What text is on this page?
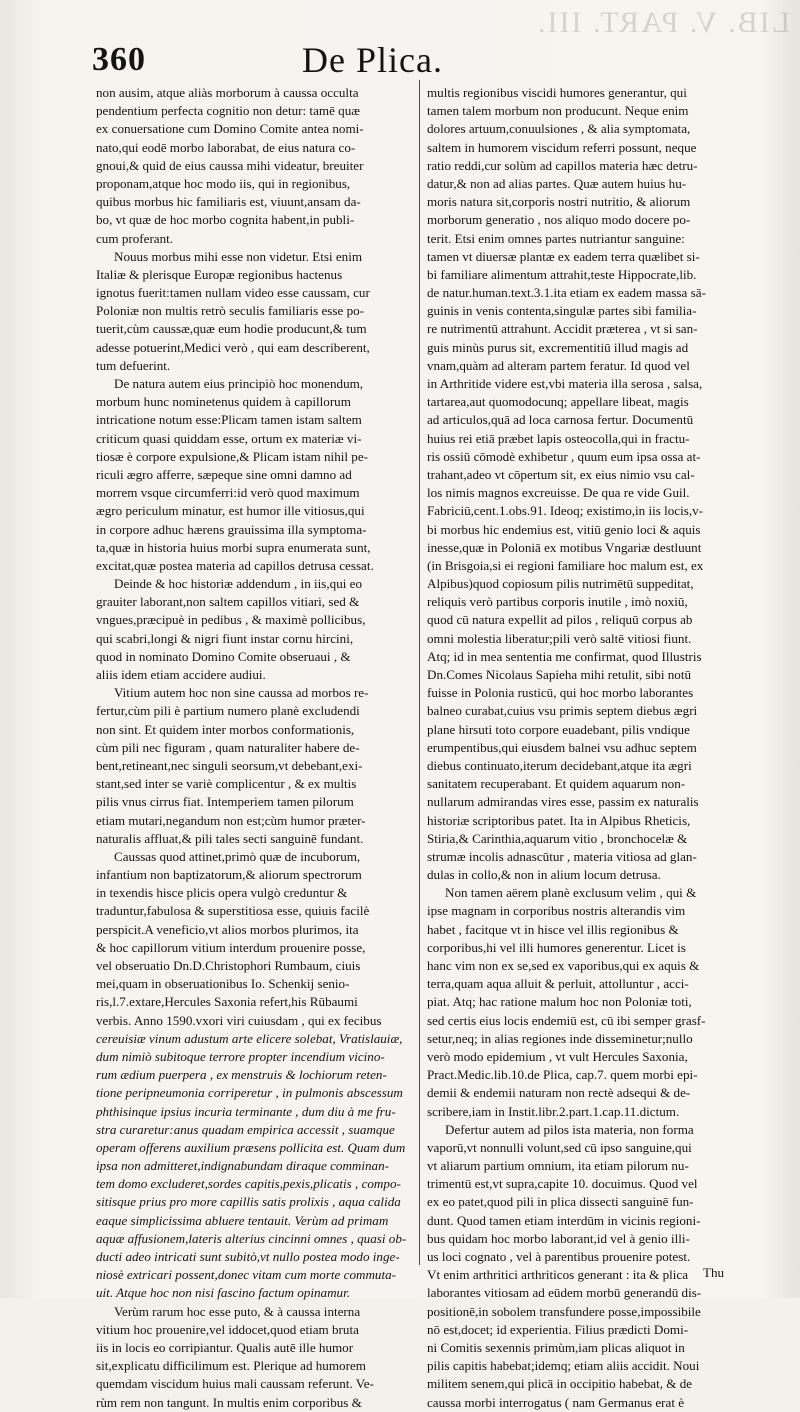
LIB. V. PART. III.
360	De Plica.
non ausim, atque aliàs morborum à caussa occulta
pendentium perfecta cognitio non detur: tamē quæ
ex conuersatione cum Domino Comite antea nomi-
nato,qui eodē morbo laborabat, de eius natura co-
gnoui,& quid de eius caussa mihi videatur, breuiter
proponam,atque hoc modo iis, qui in regionibus,
quibus morbus hic familiaris est, viuunt,ansam da-
bo, vt quæ de hoc morbo cognita habent,in publi-
cum proferant.
Nouus morbus mihi esse non videtur. Etsi enim
Italiæ & plerisque Europæ regionibus hactenus
ignotus fuerit:tamen nullam video esse caussam, cur
Poloniæ non multis retrò seculis familiaris esse po-
tuerit,cùm caussæ,quæ eum hodie producunt,& tum
adesse potuerint,Medici verò , qui eam describerent,
tum defuerint.
De natura autem eius principiò hoc monendum,
morbum hunc nominetenus quidem à capillorum
intricatione notum esse:Plicam tamen istam saltem
criticum quasi quiddam esse, ortum ex materiæ vi-
tiosæ è corpore expulsione,& Plicam istam nihil pe-
riculi ægro afferre, sæpeque sine omni damno ad
morrem vsque circumferri:id verò quod maximum
ægro periculum minatur, est humor ille vitiosus,qui
in corpore adhuc hærens grauissima illa symptoma-
ta,quæ in historia huius morbi supra enumerata sunt,
excitat,quæ postea materia ad capillos detrusa cessat.
Deinde & hoc historiæ addendum , in iis,qui eo
grauiter laborant,non saltem capillos vitiari, sed &
vngues,præcipuè in pedibus , & maximè pollicibus,
qui scabri,longi & nigri fiunt instar cornu hircini,
quod in nominato Domino Comite obseruaui , &
aliis idem etiam accidere audiui.
Vitium autem hoc non sine caussa ad morbos re-
fertur,cùm pili è partium numero planè excludendi
non sint. Et quidem inter morbos conformationis,
cùm pili nec figuram , quam naturaliter habere de-
bent,retineant,nec singuli seorsum,vt debebant,exi-
stant,sed inter se variè complicentur , & ex multis
pilis vnus cirrus fiat. Intemperiem tamen pilorum
etiam mutari,negandum non est;cùm humor præter-
naturalis affluat,& pili tales secti sanguinē fundant.
Caussas quod attinet,primò quæ de incuborum,
infantium non baptizatorum,& aliorum spectrorum
in texendis hisce plicis opera vulgò creduntur &
traduntur,fabulosa & superstitiosa esse, quiuis facilè
perspicit.A veneficio,vt alios morbos plurimos, ita
& hoc capillorum vitium interdum prouenire posse,
vel obseruatio Dn.D.Christophori Rumbaum, ciuis
mei,quam in obseruationibus Io. Schenkij senio-
ris,l.7.extare,Hercules Saxonia refert,his Rūbaumi
verbis. Anno 1590.vxori viri cuiusdam , qui ex fecibus
cereuisiæ vinum adustum arte elicere solebat, Vratislauiæ,
dum nimiò subitoque terrore propter incendium vicino-
rum ædium puerpera , ex menstruis & lochiorum reten-
tione peripneumonia corriperetur , in pulmonis abscessum
phthisinque ipsius incuria terminante , dum diu à me fru-
stra curaretur:anus quadam empirica accessit , suamque
operam offerens auxilium præsens pollicita est. Quam dum
ipsa non admitteret,indignabundam diraque comminan-
tem domo excluderet,sordes capitis,pexis,plicatis , compo-
sitisque prius pro more capillis satis prolixis , aqua calida
eaque simplicissima abluere tentauit. Verùm ad primam
aquæ affusionem,lateris alterius cincinni omnes , quasi ob-
ducti adeo intricati sunt subitò,vt nullo postea modo inge-
niosè extricari possent,donec vitam cum morte commuta-
uit. Atque hoc non nisi fascino factum opinamur.
Verùm rarum hoc esse puto, & à caussa interna
vitium hoc prouenire,vel iddocet,quod etiam bruta
iis in locis eo corripiantur. Qualis autē ille humor
sit,explicatu difficilimum est. Plerique ad humorem
quemdam viscidum huius mali caussam referunt. Ve-
rùm rem non tangunt. In multis enim corporibus &
multis regionibus viscidi humores generantur, qui
tamen talem morbum non producunt. Neque enim
dolores artuum,conuulsiones , & alia symptomata,
saltem in humorem viscidum referri possunt, neque
ratio reddi,cur solùm ad capillos materia hæc detru-
datur,& non ad alias partes. Quæ autem huius hu-
moris natura sit,corporis nostri nutritio, & aliorum
morborum generatio , nos aliquo modo docere po-
terit. Etsi enim omnes partes nutriantur sanguine:
tamen vt diuersæ plantæ ex eadem terra quælibet si-
bi familiare alimentum attrahit,teste Hippocrate,lib.
de natur.human.text.3.1.ita etiam ex eadem massa sā-
guinis in venis contenta,singulæ partes sibi familia-
re nutrimentū attrahunt. Accidit præterea , vt si san-
guis minùs purus sit, excrementitiū illud magis ad
vnam,quàm ad alteram partem feratur. Id quod vel
in Arthritide videre est,vbi materia illa serosa , salsa,
tartarea,aut quomodocunq; appellare libeat, magis
ad articulos,quā ad loca carnosa fertur. Documentū
huius rei etiā præbet lapis osteocolla,qui in fractu-
ris ossiū cōmodè exhibetur , quum eum ipsa ossa at-
trahant,adeo vt cōpertum sit, ex eius nimio vsu cal-
los nimis magnos excreuisse. De qua re vide Guil.
Fabriciū,cent.1.obs.91. Ideoq; existimo,in iis locis,v-
bi morbus hic endemius est, vitiū genio loci & aquis
inesse,quæ in Poloniā ex motibus Vngariæ destluunt
(in Brisgoia,si ei regioni familiare hoc malum est, ex
Alpibus)quod copiosum pilis nutrimētū suppeditat,
reliquis verò partibus corporis inutile , imò noxiū,
quod cū natura expellit ad pilos , reliquū corpus ab
omni molestia liberatur;pili verò saltē vitiosi fiunt.
Atq; id in mea sententia me confirmat, quod Illustris
Dn.Comes Nicolaus Sapieha mihi retulit, sibi notū
fuisse in Polonia rusticū, qui hoc morbo laborantes
balneo curabat,cuius vsu primis septem diebus ægri
plane hirsuti toto corpore euadebant, pilis vndique
erumpentibus,qui eiusdem balnei vsu adhuc septem
diebus continuato,iterum decidebant,atque ita ægri
sanitatem recuperabant. Et quidem aquarum non-
nullarum admirandas vires esse, passim ex naturalis
historiæ scriptoribus patet. Ita in Alpibus Rheticis,
Stiria,& Carinthia,aquarum vitio , bronchocelæ &
strumæ incolis adnascūtur , materia vitiosa ad glan-
dulas in collo,& non in alium locum detrusa.
Non tamen aërem planè exclusum velim , qui &
ipse magnam in corporibus nostris alterandis vim
habet , facitque vt in hisce vel illis regionibus &
corporibus,hi vel illi humores generentur. Licet is
hanc vim non ex se,sed ex vaporibus,qui ex aquis &
terra,quam aqua alluit & perluit, attolluntur , acci-
piat. Atq; hac ratione malum hoc non Poloniæ toti,
sed certis eius locis endemiū est, cū ibi semper grasf-
setur,neq; in alias regiones inde disseminetur;nullo
verò modo epidemium , vt vult Hercules Saxonia,
Pract.Medic.lib.10.de Plica, cap.7. quem morbi epi-
demii & endemii naturam non rectè adsequi & de-
scribere,iam in Instit.libr.2.part.1.cap.11.dictum.
Defertur autem ad pilos ista materia, non forma
vaporū,vt nonnulli volunt,sed cū ipso sanguine,qui
vt aliarum partium omnium, ita etiam pilorum nu-
trimentū est,vt supra,capite 10. docuimus. Quod vel
ex eo patet,quod pili in plica dissecti sanguinē fun-
dunt. Quod tamen etiam interdūm in vicinis regioni-
bus quidam hoc morbo laborant,id vel à genio illi-
us loci cognato , vel à parentibus prouenire potest.
Vt enim arthritici arthriticos generant : ita & plica
laborantes vitiosam ad eūdem morbū generandū dis-
positionē,in sobolem transfundere posse,impossibile
nō est,docet; id experientia. Filius prædicti Domi-
ni Comitis sexennis primùm,iam plicas aliquot in
pilis capitis habebat;idemq; etiam aliis accidit. Noui
militem senem,qui plicā in occipitio habebat, & de
caussa morbi interrogatus ( nam Germanus erat è
Thu
